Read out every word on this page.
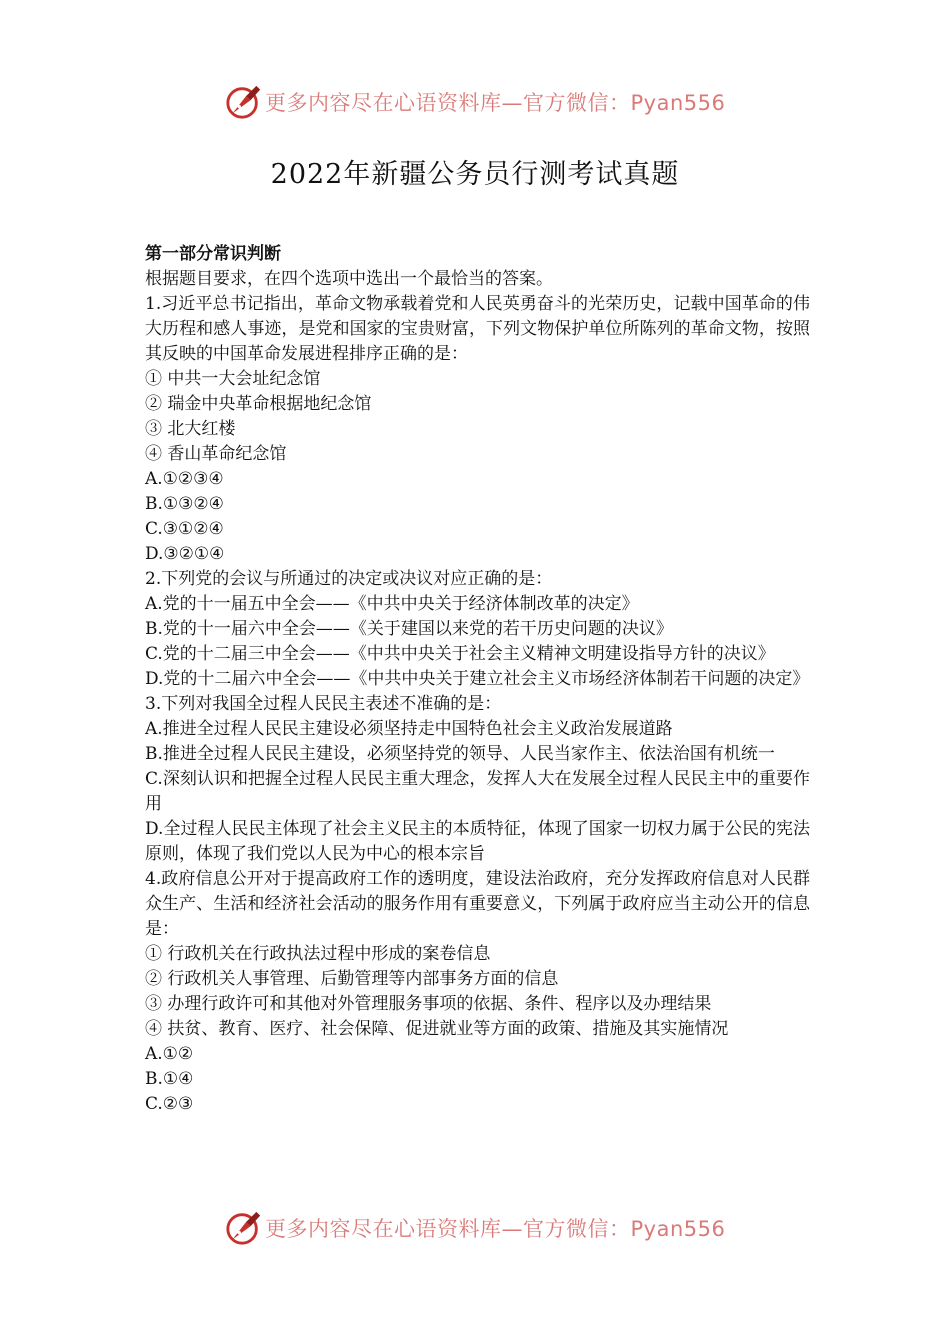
更多内容尽在心语资料库—官方微信：Pyan556
2022年新疆公务员行测考试真题

第一部分常识判断

根据题目要求，在四个选项中选出一个最恰当的答案。

1.习近平总书记指出，革命文物承载着党和人民英勇奋斗的光荣历史，记载中国革命的伟大历程和感人事迹，是党和国家的宝贵财富，下列文物保护单位所陈列的革命文物，按照其反映的中国革命发展进程排序正确的是：

① 中共一大会址纪念馆

② 瑞金中央革命根据地纪念馆

③ 北大红楼

④ 香山革命纪念馆

A.①②③④

B.①③②④

C.③①②④

D.③②①④

2.下列党的会议与所通过的决定或决议对应正确的是：

A.党的十一届五中全会——《中共中央关于经济体制改革的决定》

B.党的十一届六中全会——《关于建国以来党的若干历史问题的决议》

C.党的十二届三中全会——《中共中央关于社会主义精神文明建设指导方针的决议》

D.党的十二届六中全会——《中共中央关于建立社会主义市场经济体制若干问题的决定》

3.下列对我国全过程人民民主表述不准确的是：

A.推进全过程人民民主建设必须坚持走中国特色社会主义政治发展道路

B.推进全过程人民民主建设，必须坚持党的领导、人民当家作主、依法治国有机统一

C.深刻认识和把握全过程人民民主重大理念，发挥人大在发展全过程人民民主中的重要作用

D.全过程人民民主体现了社会主义民主的本质特征，体现了国家一切权力属于公民的宪法原则，体现了我们党以人民为中心的根本宗旨

4.政府信息公开对于提高政府工作的透明度，建设法治政府，充分发挥政府信息对人民群众生产、生活和经济社会活动的服务作用有重要意义，下列属于政府应当主动公开的信息是：

① 行政机关在行政执法过程中形成的案卷信息

② 行政机关人事管理、后勤管理等内部事务方面的信息

③ 办理行政许可和其他对外管理服务事项的依据、条件、程序以及办理结果

④ 扶贫、教育、医疗、社会保障、促进就业等方面的政策、措施及其实施情况

A.①②

B.①④

C.②③

更多内容尽在心语资料库—官方微信：Pyan556
